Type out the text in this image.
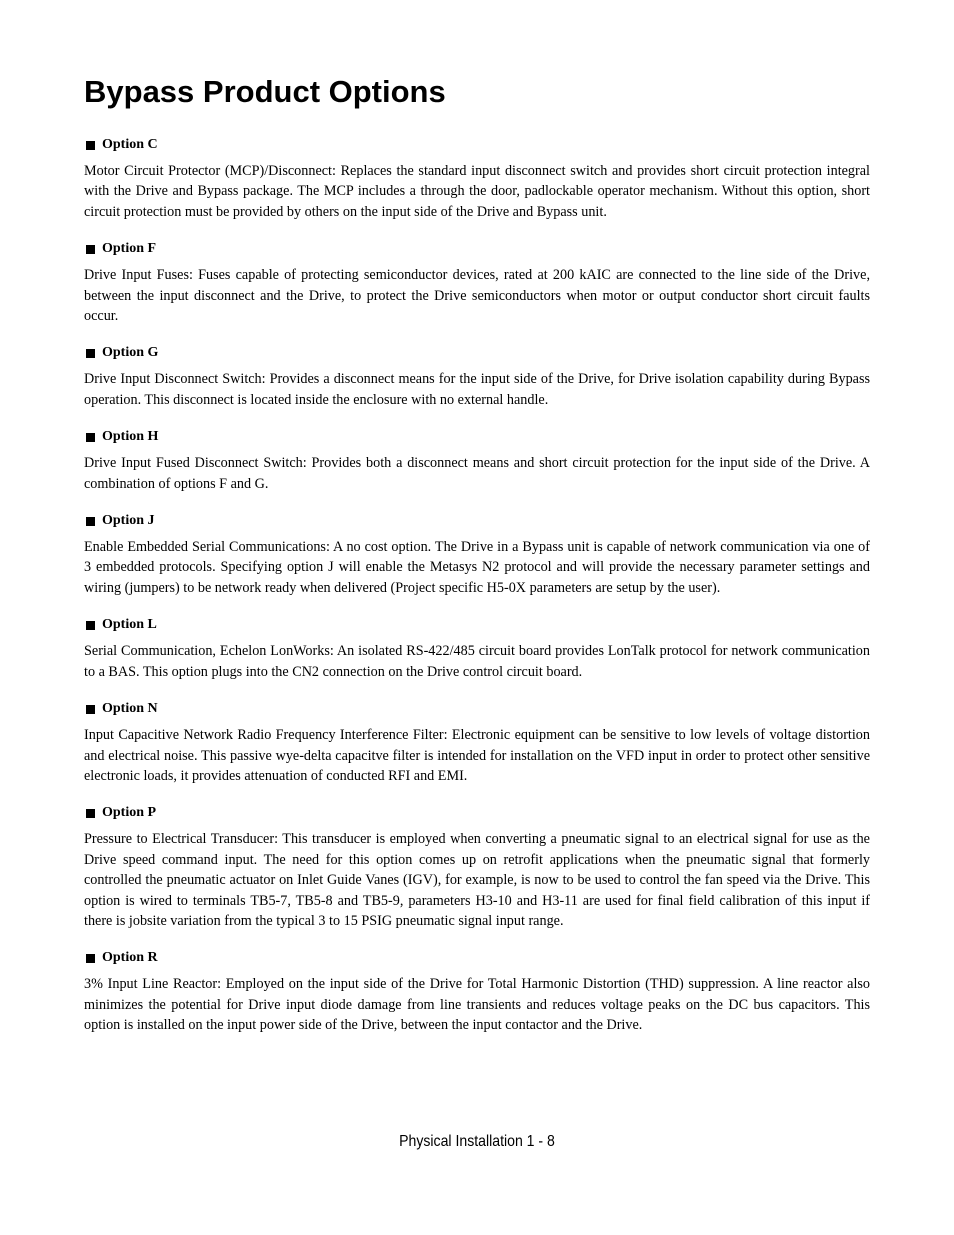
Bypass Product Options
Option C

Motor Circuit Protector (MCP)/Disconnect: Replaces the standard input disconnect switch and provides short circuit protection integral with the Drive and Bypass package. The MCP includes a through the door, padlockable operator mechanism. Without this option, short circuit protection must be provided by others on the input side of the Drive and Bypass unit.

Option F

Drive Input Fuses: Fuses capable of protecting semiconductor devices, rated at 200 kAIC are connected to the line side of the Drive, between the input disconnect and the Drive, to protect the Drive semiconductors when motor or output conductor short circuit faults occur.

Option G

Drive Input Disconnect Switch: Provides a disconnect means for the input side of the Drive, for Drive isolation capability during Bypass operation. This disconnect is located inside the enclosure with no external handle.

Option H

Drive Input Fused Disconnect Switch: Provides both a disconnect means and short circuit protection for the input side of the Drive. A combination of options F and G.

Option J

Enable Embedded Serial Communications: A no cost option. The Drive in a Bypass unit is capable of network communication via one of 3 embedded protocols. Specifying option J will enable the Metasys N2 protocol and will provide the necessary parameter settings and wiring (jumpers) to be network ready when delivered (Project specific H5-0X parameters are setup by the user).

Option L

Serial Communication, Echelon LonWorks: An isolated RS-422/485 circuit board provides LonTalk protocol for network communication to a BAS. This option plugs into the CN2 connection on the Drive control circuit board.

Option N

Input Capacitive Network Radio Frequency Interference Filter: Electronic equipment can be sensitive to low levels of voltage distortion and electrical noise. This passive wye-delta capacitve filter is intended for installation on the VFD input in order to protect other sensitive electronic loads, it provides attenuation of conducted RFI and EMI.

Option P

Pressure to Electrical Transducer: This transducer is employed when converting a pneumatic signal to an electrical signal for use as the Drive speed command input. The need for this option comes up on retrofit applications when the pneumatic signal that formerly controlled the pneumatic actuator on Inlet Guide Vanes (IGV), for example, is now to be used to control the fan speed via the Drive. This option is wired to terminals TB5-7, TB5-8 and TB5-9, parameters H3-10 and H3-11 are used for final field calibration of this input if there is jobsite variation from the typical 3 to 15 PSIG pneumatic signal input range.

Option R

3% Input Line Reactor: Employed on the input side of the Drive for Total Harmonic Distortion (THD) suppression. A line reactor also minimizes the potential for Drive input diode damage from line transients and reduces voltage peaks on the DC bus capacitors. This option is installed on the input power side of the Drive, between the input contactor and the Drive.

Physical Installation 1 - 8
